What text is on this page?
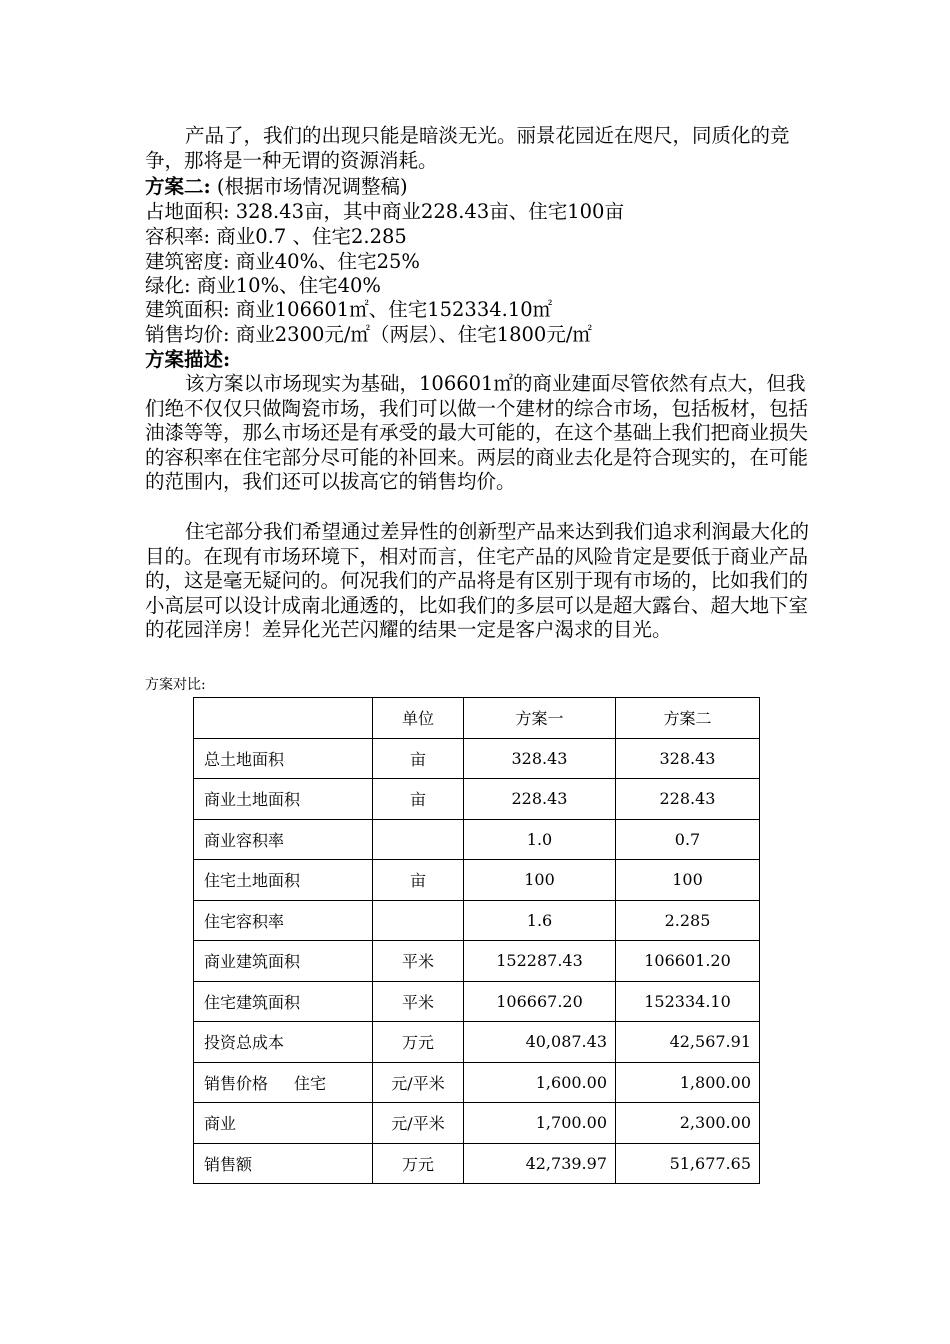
产品了，我们的出现只能是暗淡无光。丽景花园近在咫尺，同质化的竞争，那将是一种无谓的资源消耗。
方案二: (根据市场情况调整稿)
占地面积: 328.43亩，其中商业228.43亩、住宅100亩
容积率: 商业0.7 、住宅2.285
建筑密度: 商业40%、住宅25%
绿化: 商业10%、住宅40%
建筑面积: 商业106601㎡、住宅152334.10㎡
销售均价: 商业2300元/㎡（两层）、住宅1800元/㎡
方案描述:
该方案以市场现实为基础，106601㎡的商业建面尽管依然有点大，但我们绝不仅仅只做陶瓷市场，我们可以做一个建材的综合市场，包括板材，包括油漆等等，那么市场还是有承受的最大可能的，在这个基础上我们把商业损失的容积率在住宅部分尽可能的补回来。两层的商业去化是符合现实的，在可能的范围内，我们还可以拔高它的销售均价。
住宅部分我们希望通过差异性的创新型产品来达到我们追求利润最大化的目的。在现有市场环境下，相对而言，住宅产品的风险肯定是要低于商业产品的，这是毫无疑问的。何况我们的产品将是有区别于现有市场的，比如我们的小高层可以设计成南北通透的，比如我们的多层可以是超大露台、超大地下室的花园洋房！差异化光芒闪耀的结果一定是客户渴求的目光。
方案对比:
	单位	方案一	方案二
总土地面积	亩	328.43	328.43
商业土地面积	亩	228.43	228.43
商业容积率		1.0	0.7
住宅土地面积	亩	100	100
住宅容积率		1.6	2.285
商业建筑面积	平米	152287.43	106601.20
住宅建筑面积	平米	106667.20	152334.10
投资总成本	万元	40,087.43	42,567.91
销售价格 住宅	元/平米	1,600.00	1,800.00
商业	元/平米	1,700.00	2,300.00
销售额	万元	42,739.97	51,677.65
